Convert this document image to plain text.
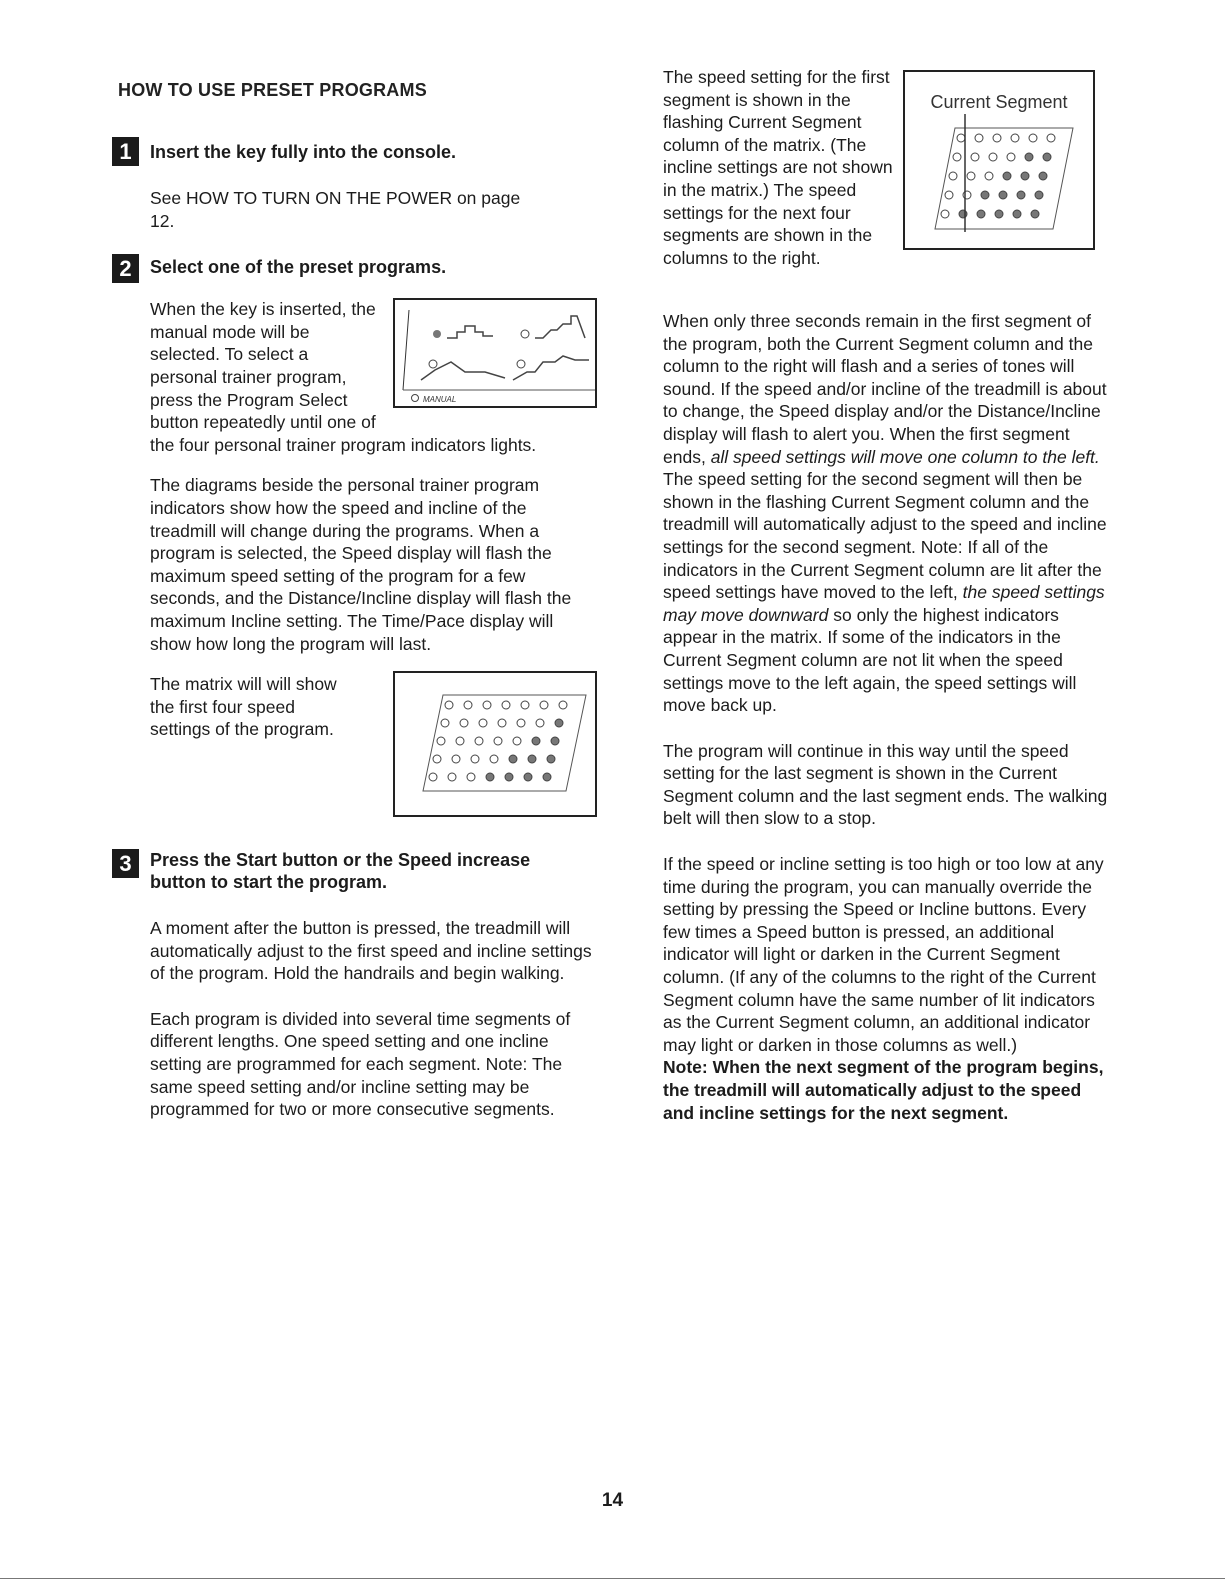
HOW TO USE PRESET PROGRAMS
1	Insert the key fully into the console.

See HOW TO TURN ON THE POWER on page 12.

2	Select one of the preset programs.

When the key is inserted, the manual mode will be selected. To select a personal trainer program, press the Program Select button repeatedly until one of the four personal trainer program indicators lights.

MANUAL

The diagrams beside the personal trainer program indicators show how the speed and incline of the treadmill will change during the programs. When a program is selected, the Speed display will flash the maximum speed setting of the program for a few seconds, and the Distance/Incline display will flash the maximum Incline setting. The Time/Pace display will show how long the program will last.

The matrix will will show the first four speed settings of the program.

3	Press the Start button or the Speed increase button to start the program.

A moment after the button is pressed, the treadmill will automatically adjust to the first speed and incline settings of the program. Hold the handrails and begin walking.

Each program is divided into several time segments of different lengths. One speed setting and one incline setting are programmed for each segment. Note: The same speed setting and/or incline setting may be programmed for two or more consecutive segments.

The speed setting for the first segment is shown in the flashing Current Segment column of the matrix. (The incline settings are not shown in the matrix.) The speed settings for the next four segments are shown in the columns to the right.

Current Segment

When only three seconds remain in the first segment of the program, both the Current Segment column and the column to the right will flash and a series of tones will sound. If the speed and/or incline of the treadmill is about to change, the Speed display and/or the Distance/Incline display will flash to alert you. When the first segment ends, all speed settings will move one column to the left. The speed setting for the second segment will then be shown in the flashing Current Segment column and the treadmill will automatically adjust to the speed and incline settings for the second segment. Note: If all of the indicators in the Current Segment column are lit after the speed settings have moved to the left, the speed settings may move downward so only the highest indicators appear in the matrix. If some of the indicators in the Current Segment column are not lit when the speed settings move to the left again, the speed settings will move back up.

The program will continue in this way until the speed setting for the last segment is shown in the Current Segment column and the last segment ends. The walking belt will then slow to a stop.

If the speed or incline setting is too high or too low at any time during the program, you can manually override the setting by pressing the Speed or Incline buttons. Every few times a Speed button is pressed, an additional indicator will light or darken in the Current Segment column. (If any of the columns to the right of the Current Segment column have the same number of lit indicators as the Current Segment column, an additional indicator may light or darken in those columns as well.)

Note: When the next segment of the program begins, the treadmill will automatically adjust to the speed and incline settings for the next segment.

14
